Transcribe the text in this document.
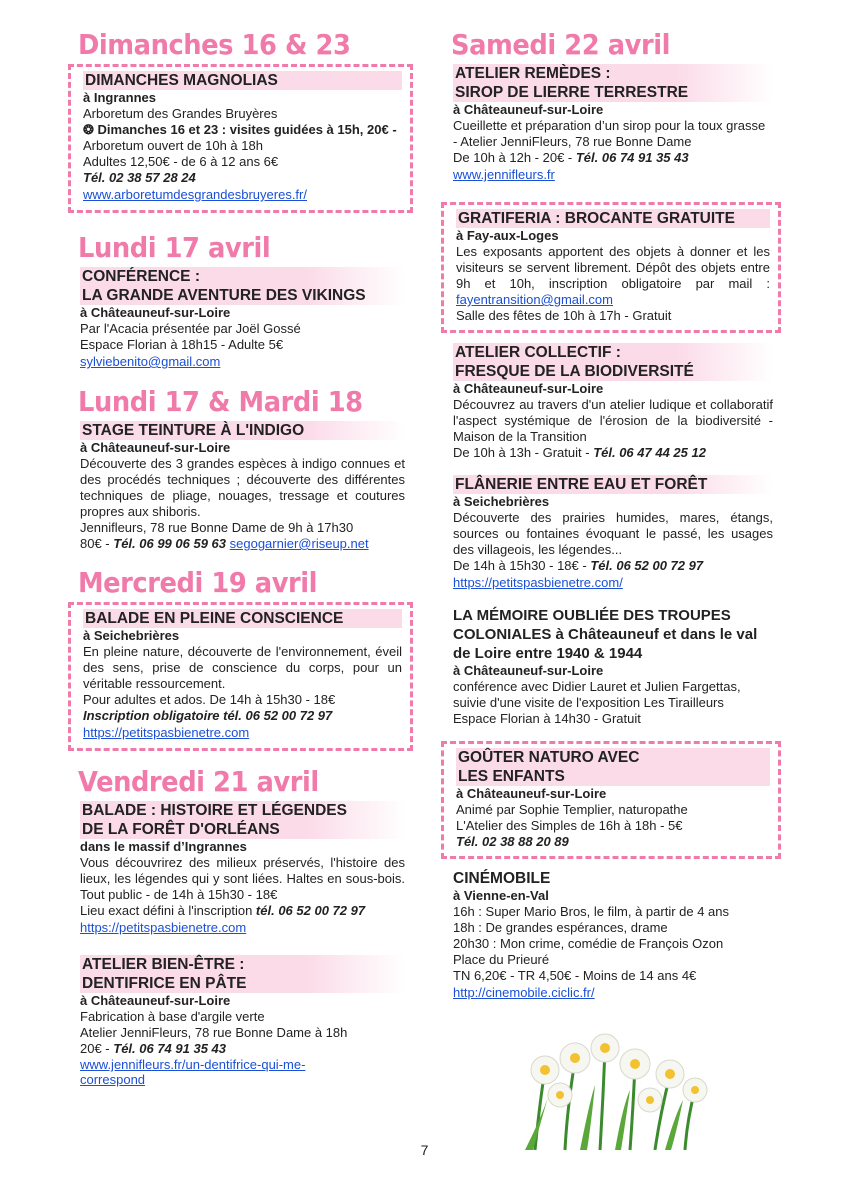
Dimanches 16 & 23
DIMANCHES MAGNOLIAS
à Ingrannes
Arboretum des Grandes Bruyères
❂ Dimanches 16 et 23 : visites guidées à 15h, 20€ - Arboretum ouvert de 10h à 18h
Adultes 12,50€ - de 6 à 12 ans 6€
Tél. 02 38 57 28 24
www.arboretumdesgrandesbruyeres.fr/
Lundi 17 avril
CONFÉRENCE :
LA GRANDE AVENTURE DES VIKINGS
à Châteauneuf-sur-Loire
Par l'Acacia présentée par Joël Gossé
Espace Florian à 18h15 - Adulte 5€
sylviebenito@gmail.com
Lundi 17 & Mardi 18
STAGE TEINTURE À L'INDIGO
à Châteauneuf-sur-Loire
Découverte des 3 grandes espèces à indigo connues et des procédés techniques ; découverte des différentes techniques de pliage, nouages, tressage et coutures propres aux shiboris.
Jennifleurs, 78 rue Bonne Dame de 9h à 17h30
80€ - Tél. 06 99 06 59 63 segogarnier@riseup.net
Mercredi 19 avril
BALADE EN PLEINE CONSCIENCE
à Seichebrières
En pleine nature, découverte de l'environnement, éveil des sens, prise de conscience du corps, pour un véritable ressourcement.
Pour adultes et ados. De 14h à 15h30 - 18€
Inscription obligatoire tél. 06 52 00 72 97
https://petitspasbienetre.com
Vendredi 21 avril
BALADE : HISTOIRE ET LÉGENDES
DE LA FORÊT D'ORLÉANS
dans le massif d’Ingrannes
Vous découvrirez des milieux préservés, l'histoire des lieux, les légendes qui y sont liées. Haltes en sous-bois. Tout public - de 14h à 15h30 - 18€
Lieu exact défini à l'inscription tél. 06 52 00 72 97
https://petitspasbienetre.com
ATELIER BIEN-ÊTRE :
DENTIFRICE EN PÂTE
à Châteauneuf-sur-Loire
Fabrication à base d'argile verte
Atelier JenniFleurs, 78 rue Bonne Dame à 18h
20€ - Tél. 06 74 91 35 43
www.jennifleurs.fr/un-dentifrice-qui-me-
correspond
Samedi 22 avril
ATELIER REMÈDES :
SIROP DE LIERRE TERRESTRE
à Châteauneuf-sur-Loire
Cueillette et préparation d’un sirop pour la toux grasse - Atelier JenniFleurs, 78 rue Bonne Dame
De 10h à 12h - 20€ - Tél. 06 74 91 35 43
www.jennifleurs.fr
GRATIFERIA : BROCANTE GRATUITE
à Fay-aux-Loges
Les exposants apportent des objets à donner et les visiteurs se servent librement. Dépôt des objets entre 9h et 10h, inscription obligatoire par mail : fayentransition@gmail.com
Salle des fêtes de 10h à 17h - Gratuit
ATELIER COLLECTIF :
FRESQUE DE LA BIODIVERSITÉ
à Châteauneuf-sur-Loire
Découvrez au travers d'un atelier ludique et collaboratif l'aspect systémique de l'érosion de la biodiversité - Maison de la Transition
De 10h à 13h - Gratuit - Tél. 06 47 44 25 12
FLÂNERIE ENTRE EAU ET FORÊT
à Seichebrières
Découverte des prairies humides, mares, étangs, sources ou fontaines évoquant le passé, les usages des villageois, les légendes...
De 14h à 15h30 - 18€ - Tél. 06 52 00 72 97
https://petitspasbienetre.com/
LA MÉMOIRE OUBLIÉE DES TROUPES COLONIALES à Châteauneuf et dans le val de Loire entre 1940 & 1944
à Châteauneuf-sur-Loire
conférence avec Didier Lauret et Julien Fargettas, suivie d'une visite de l'exposition Les Tirailleurs
Espace Florian à 14h30 - Gratuit
GOÛTER NATURO AVEC
LES ENFANTS
à Châteauneuf-sur-Loire
Animé par Sophie Templier, naturopathe
L'Atelier des Simples de 16h à 18h - 5€
Tél. 02 38 88 20 89
CINÉMOBILE
à Vienne-en-Val
16h : Super Mario Bros, le film, à partir de 4 ans
18h : De grandes espérances, drame
20h30 : Mon crime, comédie de François Ozon
Place du Prieuré
TN 6,20€ - TR 4,50€ - Moins de 14 ans 4€
http://cinemobile.ciclic.fr/
7
